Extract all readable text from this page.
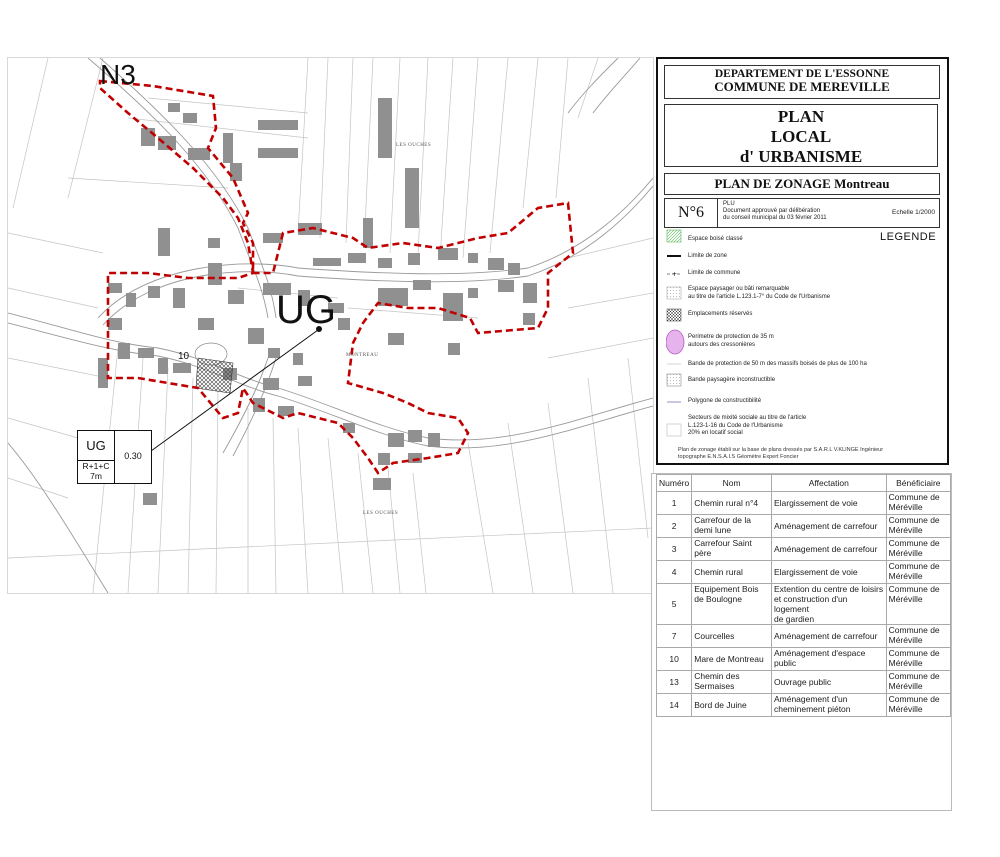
N3
UG
10
LES OUCHES
MONTREAU
LES OUCHES
UG
R+1+C
7m
0.30
DEPARTEMENT DE L'ESSONNE
COMMUNE DE MEREVILLE
PLAN
LOCAL
d' URBANISME
PLAN DE ZONAGE Montreau
N°6	PLU
Document approuvé par délibération
du conseil municipal du 03 février 2011
Echelle 1/2000
LEGENDE
+
Espace boisé classé
Limite de zone
Limite de commune
Espace paysager ou bâti remarquable
au titre de l'article L.123.1-7° du Code de l'Urbanisme
Emplacements réservés
Perimetre de protection de 35 m
autours des cressonières
Bande de protection de 50 m des massifs boisés de plus de 100 ha
Bande paysagère inconstructible
Polygone de constructibilité
Secteurs de mixité sociale au titre de l'article
L.123-1-16 du Code de l'Urbanisme
20% en locatif social
Plan de zonage établi sur la base de plans dressés par S.A.R.L V.KLINGE Ingénieur
topographe E.N.S.A.I.S Géomètre Expert Foncier
Numéro	Nom	Affectation	Bénéficiaire
1	Chemin rural n°4	Elargissement de voie	Commune de
Méréville
2	Carrefour de la
demi lune	Aménagement de carrefour	Commune de
Méréville
3	Carrefour Saint
père	Aménagement de carrefour	Commune de
Méréville
4	Chemin rural	Elargissement de voie	Commune de
Méréville
5	Equipement Bois
de Boulogne	Extention du centre de loisirs
et construction d'un logement
de gardien	Commune de
Méréville
7	Courcelles	Aménagement de carrefour	Commune de
Méréville
10	Mare de Montreau	Aménagement d'espace
public	Commune de
Méréville
13	Chemin des
Sermaises	Ouvrage public	Commune de
Méréville
14	Bord de Juine	Aménagement d'un
cheminement piéton	Commune de
Méréville
